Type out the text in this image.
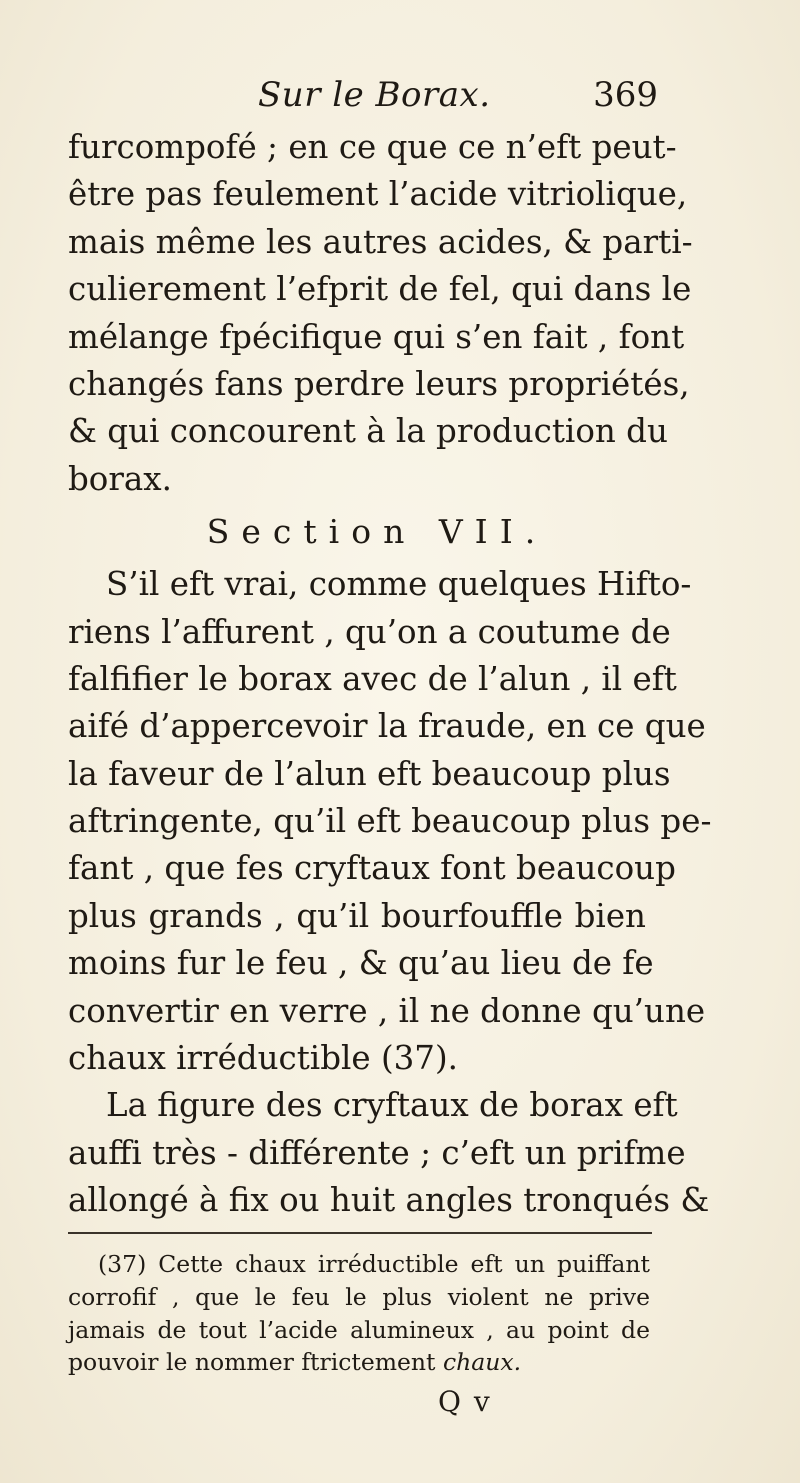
Sur le Borax.	369
furcompofé ; en ce que ce n’eft peut-
être pas feulement l’acide vitriolique,
mais même les autres acides, & parti-
culierement l’efprit de fel, qui dans le
mélange fpécifique qui s’en fait , font
changés fans perdre leurs propriétés,
& qui concourent à la production du
borax.
Section VII.
S’il eft vrai, comme quelques Hifto-
riens l’affurent , qu’on a coutume de
falfifier le borax avec de l’alun , il eft
aifé d’appercevoir la fraude, en ce que
la faveur de l’alun eft beaucoup plus
aftringente, qu’il eft beaucoup plus pe-
fant , que fes cryftaux font beaucoup
plus grands , qu’il bourfouffle bien
moins fur le feu , & qu’au lieu de fe
convertir en verre , il ne donne qu’une
chaux irréductible (37).
La figure des cryftaux de borax eft
auffi très - différente ; c’eft un prifme
allongé à fix ou huit angles tronqués &
(37) Cette chaux irréductible eft un puiffant
corrofif , que le feu le plus violent ne prive
jamais de tout l’acide alumineux , au point de
pouvoir le nommer ftrictement chaux.
Q v
